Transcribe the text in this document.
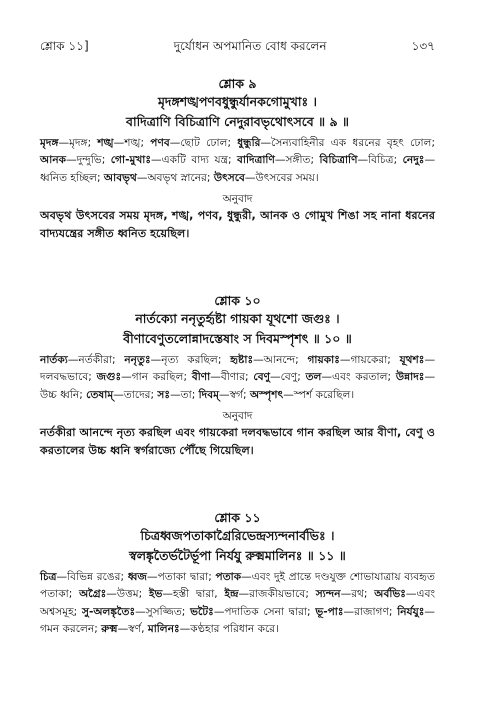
শ্লোক ১১]	দুর্যোধন অপমানিত বোধ করলেন	১৩৭
শ্লোক ৯
মৃদঙ্গশঙ্খপণবধুন্ধুর্যানকগোমুখাঃ ।
বাদিত্রাণি বিচিত্রাণি নেদুরাবভৃথোৎসবে ॥ ৯ ॥
মৃদঙ্গ—মৃদঙ্গ; শঙ্খ—শঙ্খ; পণব—ছোট ঢোল; ধুন্ধুরি—সৈন্যবাহিনীর এক ধরনের বৃহৎ ঢোল; আনক—দুন্দুভি; গো-মুখাঃ—একটি বাদ্য যন্ত্র; বাদিত্রাণি—সঙ্গীত; বিচিত্রাণি—বিচিত্র; নেদুঃ—ধ্বনিত হচ্ছিল; আবভৃথ—অবভৃথ স্নানের; উৎসবে—উৎসবের সময়।
অনুবাদ
অবভৃথ উৎসবের সময় মৃদঙ্গ, শঙ্খ, পণব, ধুন্ধুরী, আনক ও গোমুখ শিঙা সহ নানা ধরনের বাদ্যযন্ত্রের সঙ্গীত ধ্বনিত হয়েছিল।
শ্লোক ১০
নার্তক্যো ননৃতুর্হৃষ্টা গায়কা যূথশো জগুঃ ।
বীণাবেণুতলোন্নাদস্তেষাং স দিবমস্পৃশৎ ॥ ১০ ॥
নার্তক্য—নর্তকীরা; ননৃতুঃ—নৃত্য করছিল; হৃষ্টাঃ—আনন্দে; গায়কাঃ—গায়কেরা; যূথশঃ—দলবদ্ধভাবে; জগুঃ—গান করছিল; বীণা—বীণার; বেণু—বেণু; তল—এবং করতাল; উন্নাদঃ—উচ্চ ধ্বনি; তেষাম্—তাদের; সঃ—তা; দিবম্—স্বর্গ; অস্পৃশৎ—স্পর্শ করেছিল।
অনুবাদ
নর্তকীরা আনন্দে নৃত্য করছিল এবং গায়কেরা দলবদ্ধভাবে গান করছিল আর বীণা, বেণু ও করতালের উচ্চ ধ্বনি স্বর্গরাজ্যে পৌঁছে গিয়েছিল।
শ্লোক ১১
চিত্রধ্বজপতাকাগ্রৈরিভেন্দ্রস্যন্দনার্বভিঃ ।
স্বলঙ্কৃতৈর্ভটৈর্ভূপা নির্যযু রুক্মমালিনঃ ॥ ১১ ॥
চিত্র—বিভিন্ন রঙের; ধ্বজ—পতাকা দ্বারা; পতাক—এবং দুই প্রান্তে দণ্ডযুক্ত শোভাযাত্রায় ব্যবহৃত পতাকা; অগ্রৈঃ—উত্তম; ইভ—হস্তী দ্বারা, ইন্দ্র—রাজকীয়ভাবে; স্যন্দন—রথ; অর্বভিঃ—এবং অশ্বসমূহ; সু-অলঙ্কৃতৈঃ—সুসজ্জিত; ভটৈঃ—পদাতিক সেনা দ্বারা; ভূ-পাঃ—রাজাগণ; নির্যযুঃ—গমন করলেন; রুক্ম—স্বর্ণ, মালিনঃ—কণ্ঠহার পরিধান করে।
